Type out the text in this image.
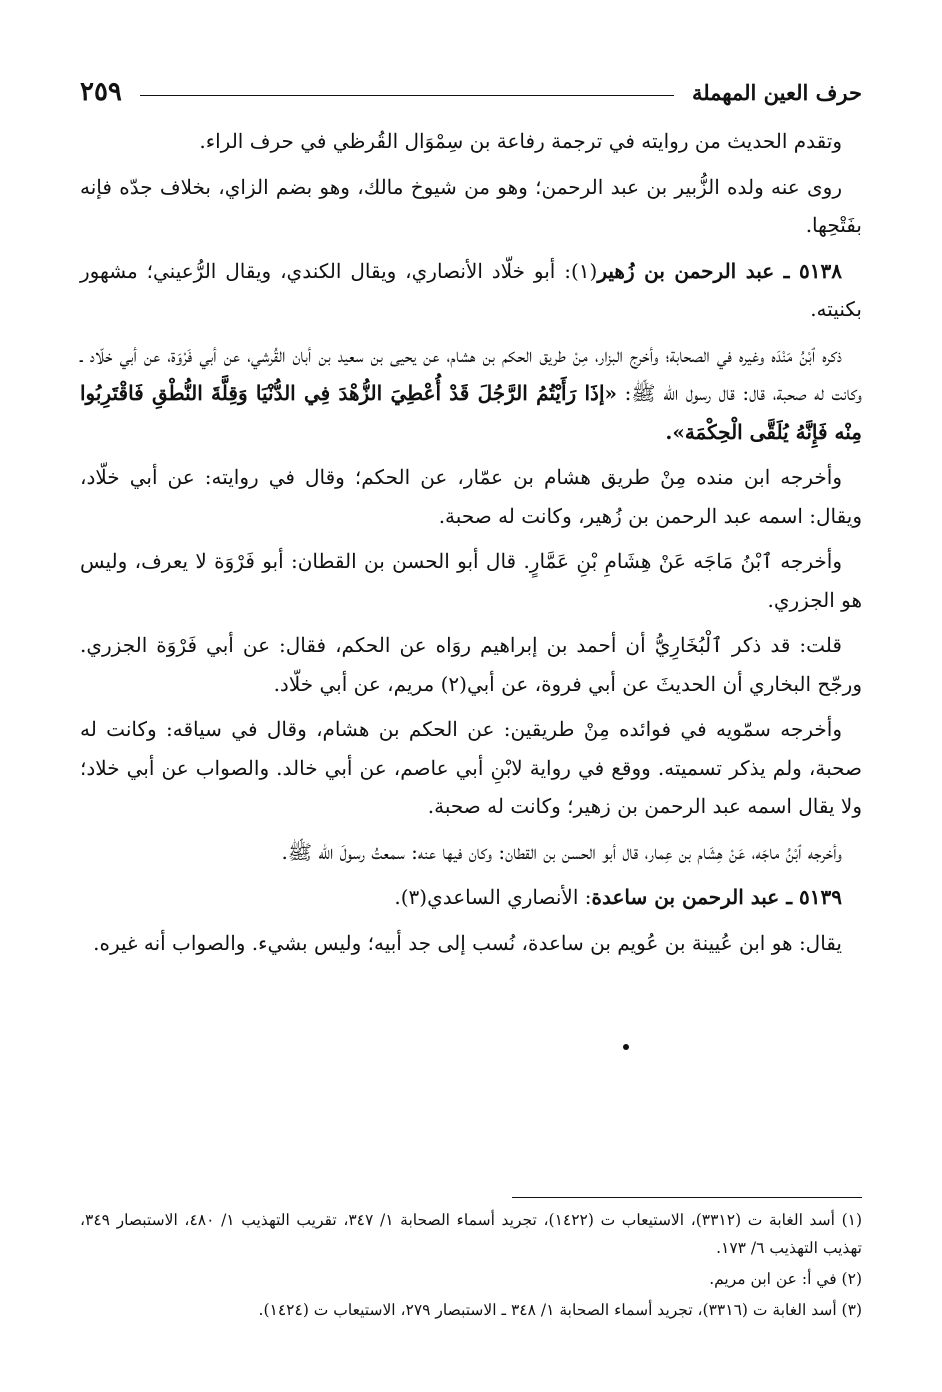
حرف العين المهملة
٢٥٩

وتقدم الحديث من روايته في ترجمة رفاعة بن سِمْوَال القُرظي في حرف الراء.

روى عنه ولده الزُّبير بن عبد الرحمن؛ وهو من شيوخ مالك، وهو بضم الزاي، بخلاف جدّه فإنه بفَتْحِها.

٥١٣٨ ـ عبد الرحمن بن زُهير(١): أبو خلّاد الأنصاري، ويقال الكندي، ويقال الرُّعيني؛ مشهور بكنيته.

ذكره ٱبْنُ مَنْدَه وغيره في الصحابة؛ وأخرج البزار، مِنْ طريق الحكم بن هشام، عن يحيى بن سعيد بن أبان القُرشي، عن أبي فَرْوَة، عن أبي خلّاد ـ وكانت له صحبة، قال: قال رسول الله ﷺ: «إذَا رَأَيْتُمُ الرَّجُلَ قَدْ أُعْطِيَ الزُّهْدَ فِي الدُّنْيَا وَقِلَّةَ النُّطْقِ فَاقْتَرِبُوا مِنْه فَإِنَّهُ يُلَقَّى الْحِكْمَة».

وأخرجه ابن منده مِنْ طريق هشام بن عمّار، عن الحكم؛ وقال في روايته: عن أبي خلّاد، ويقال: اسمه عبد الرحمن بن زُهير، وكانت له صحبة.

وأخرجه ٱبْنُ مَاجَه عَنْ هِشَامِ بْنِ عَمَّارٍ. قال أبو الحسن بن القطان: أبو فَرْوَة لا يعرف، وليس هو الجزري.

قلت: قد ذكر ٱلْبُخَارِيُّ أن أحمد بن إبراهيم روَاه عن الحكم، فقال: عن أبي فَرْوَة الجزري. ورجّح البخاري أن الحديثَ عن أبي فروة، عن أبي(٢) مريم، عن أبي خلّاد.

وأخرجه سمّويه في فوائده مِنْ طريقين: عن الحكم بن هشام، وقال في سياقه: وكانت له صحبة، ولم يذكر تسميته. ووقع في رواية لابْنِ أبي عاصم، عن أبي خالد. والصواب عن أبي خلاد؛ ولا يقال اسمه عبد الرحمن بن زهير؛ وكانت له صحبة.

وأخرجه ٱبْنُ ماجَه، عَنْ هِشَام بن عِمار، قال أبو الحسن بن القطان: وكان فيها عنه: سمعتُ رسولَ الله ﷺ.

٥١٣٩ ـ عبد الرحمن بن ساعدة: الأنصاري الساعدي(٣).

يقال: هو ابن عُيينة بن عُويم بن ساعدة، نُسب إلى جد أبيه؛ وليس بشيء. والصواب أنه غيره.

(١) أسد الغابة ت (٣٣١٢)، الاستيعاب ت (١٤٢٢)، تجريد أسماء الصحابة ١/ ٣٤٧، تقريب التهذيب ١/ ٤٨٠، الاستبصار ٣٤٩، تهذيب التهذيب ٦/ ١٧٣.

(٢) في أ: عن ابن مريم.

(٣) أسد الغابة ت (٣٣١٦)، تجريد أسماء الصحابة ١/ ٣٤٨ ـ الاستبصار ٢٧٩، الاستيعاب ت (١٤٢٤).
